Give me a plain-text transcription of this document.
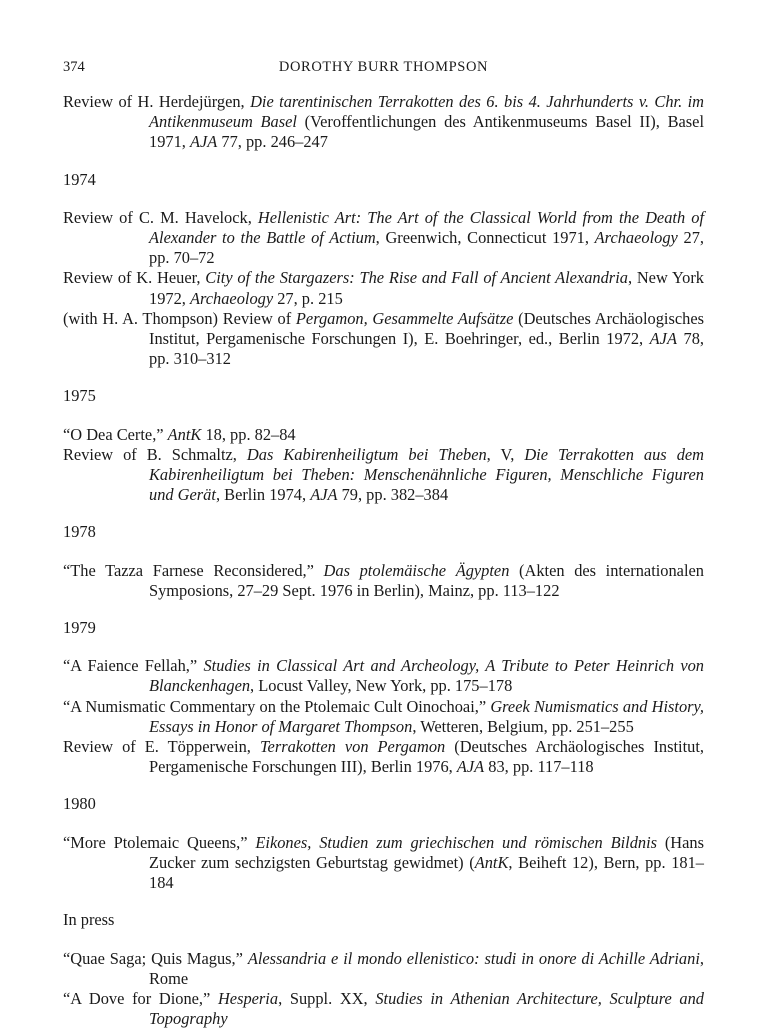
374	DOROTHY BURR THOMPSON

Review of H. Herdejürgen, Die tarentinischen Terrakotten des 6. bis 4. Jahrhunderts v. Chr. im Antikenmuseum Basel (Veroffentlichungen des Antikenmuseums Basel II), Basel 1971, AJA 77, pp. 246–247

1974

Review of C. M. Havelock, Hellenistic Art: The Art of the Classical World from the Death of Alexander to the Battle of Actium, Greenwich, Connecticut 1971, Archaeology 27, pp. 70–72

Review of K. Heuer, City of the Stargazers: The Rise and Fall of Ancient Alexandria, New York 1972, Archaeology 27, p. 215

(with H. A. Thompson) Review of Pergamon, Gesammelte Aufsätze (Deutsches Archäologisches Institut, Pergamenische Forschungen I), E. Boehringer, ed., Berlin 1972, AJA 78, pp. 310–312

1975

“O Dea Certe,” AntK 18, pp. 82–84

Review of B. Schmaltz, Das Kabirenheiligtum bei Theben, V, Die Terrakotten aus dem Kabirenheiligtum bei Theben: Menschenähnliche Figuren, Menschliche Figuren und Gerät, Berlin 1974, AJA 79, pp. 382–384

1978

“The Tazza Farnese Reconsidered,” Das ptolemäische Ägypten (Akten des internationalen Symposions, 27–29 Sept. 1976 in Berlin), Mainz, pp. 113–122

1979

“A Faience Fellah,” Studies in Classical Art and Archeology, A Tribute to Peter Heinrich von Blanckenhagen, Locust Valley, New York, pp. 175–178

“A Numismatic Commentary on the Ptolemaic Cult Oinochoai,” Greek Numismatics and History, Essays in Honor of Margaret Thompson, Wetteren, Belgium, pp. 251–255

Review of E. Töpperwein, Terrakotten von Pergamon (Deutsches Archäologisches Institut, Pergamenische Forschungen III), Berlin 1976, AJA 83, pp. 117–118

1980

“More Ptolemaic Queens,” Eikones, Studien zum griechischen und römischen Bildnis (Hans Zucker zum sechzigsten Geburtstag gewidmet) (AntK, Beiheft 12), Bern, pp. 181–184

In press

“Quae Saga; Quis Magus,” Alessandria e il mondo ellenistico: studi in onore di Achille Adriani, Rome

“A Dove for Dione,” Hesperia, Suppl. XX, Studies in Athenian Architecture, Sculpture and Topography
